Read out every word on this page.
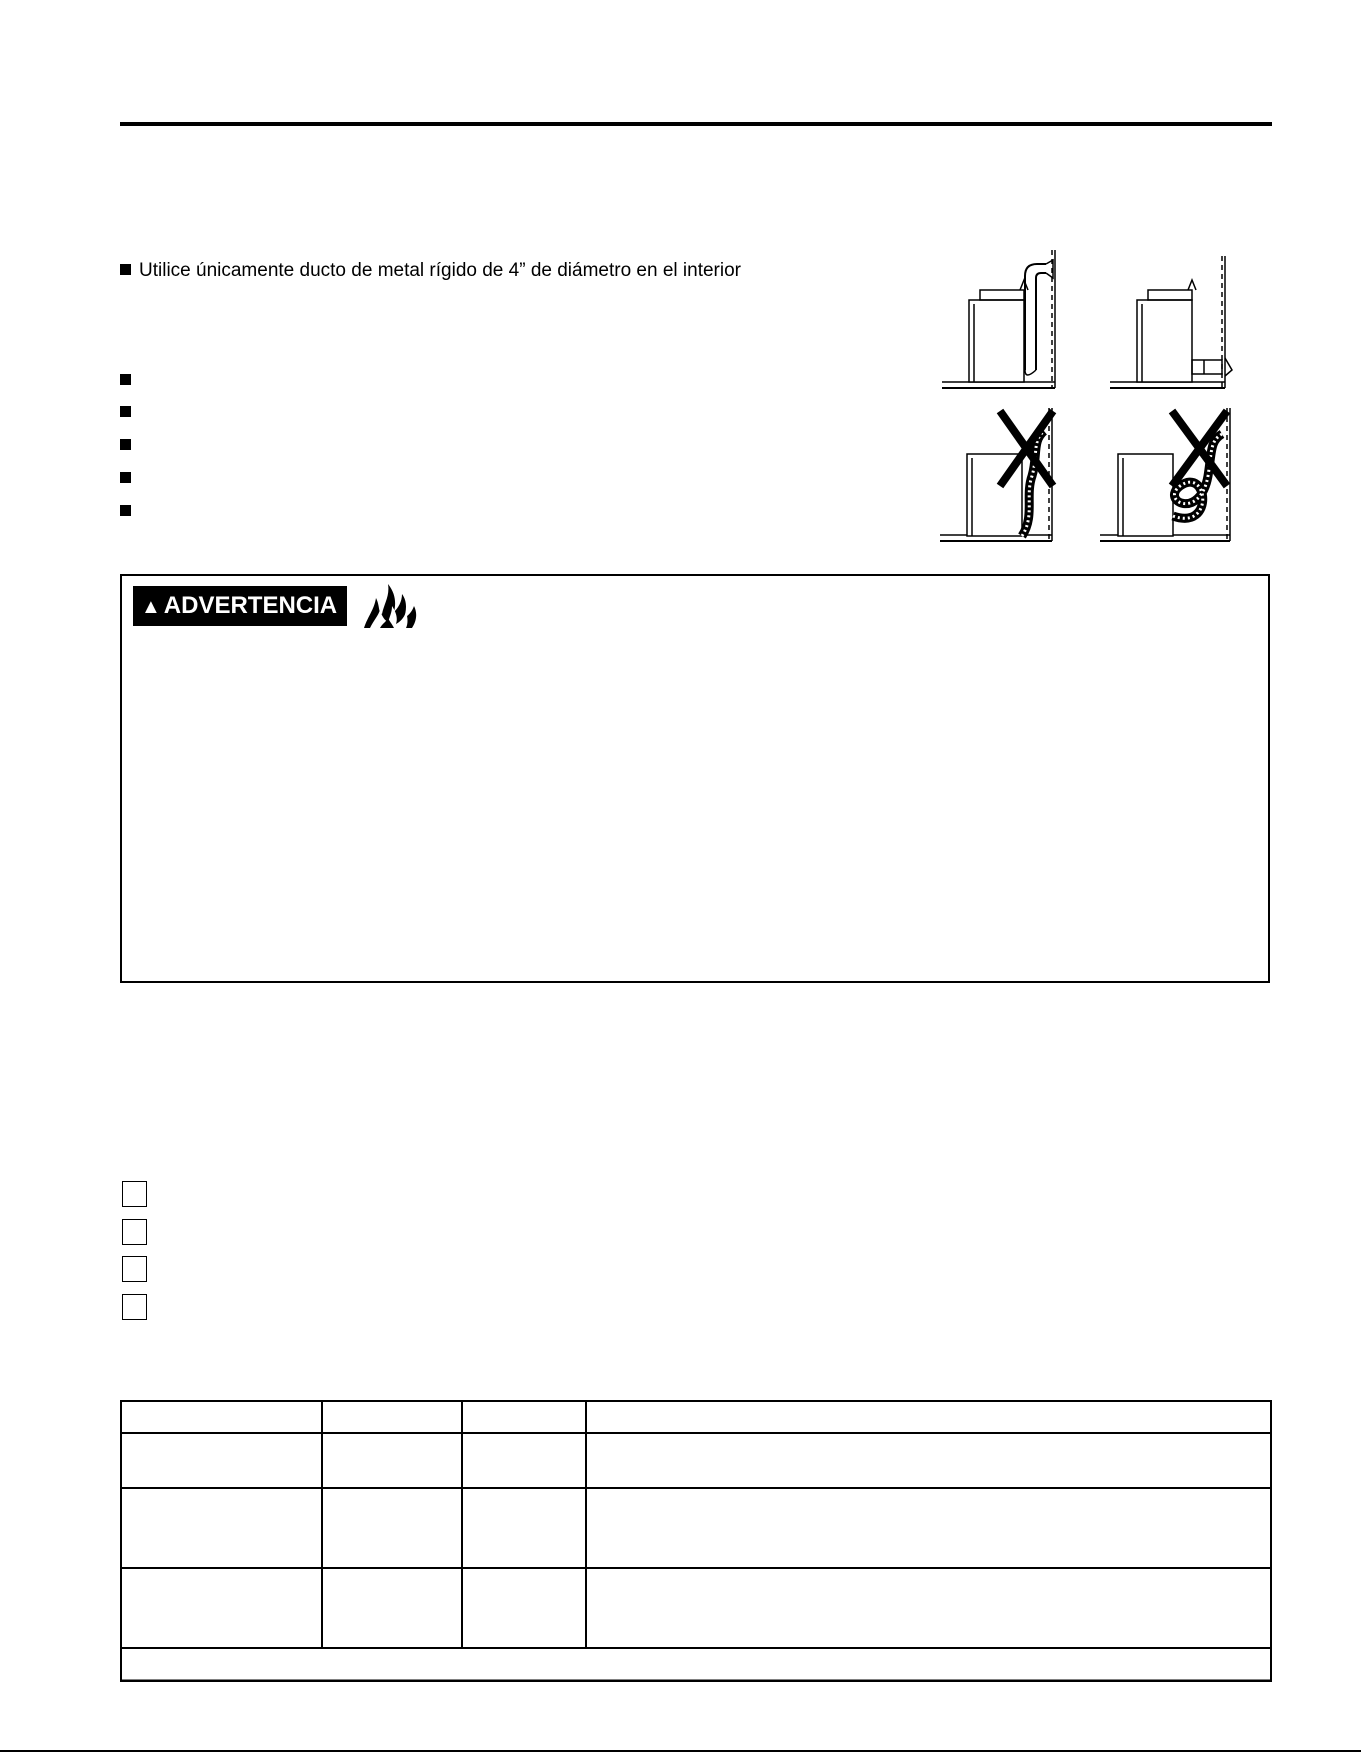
Utilice únicamente ducto de metal rígido de 4” de diámetro en el interior
▲ ADVERTENCIA
